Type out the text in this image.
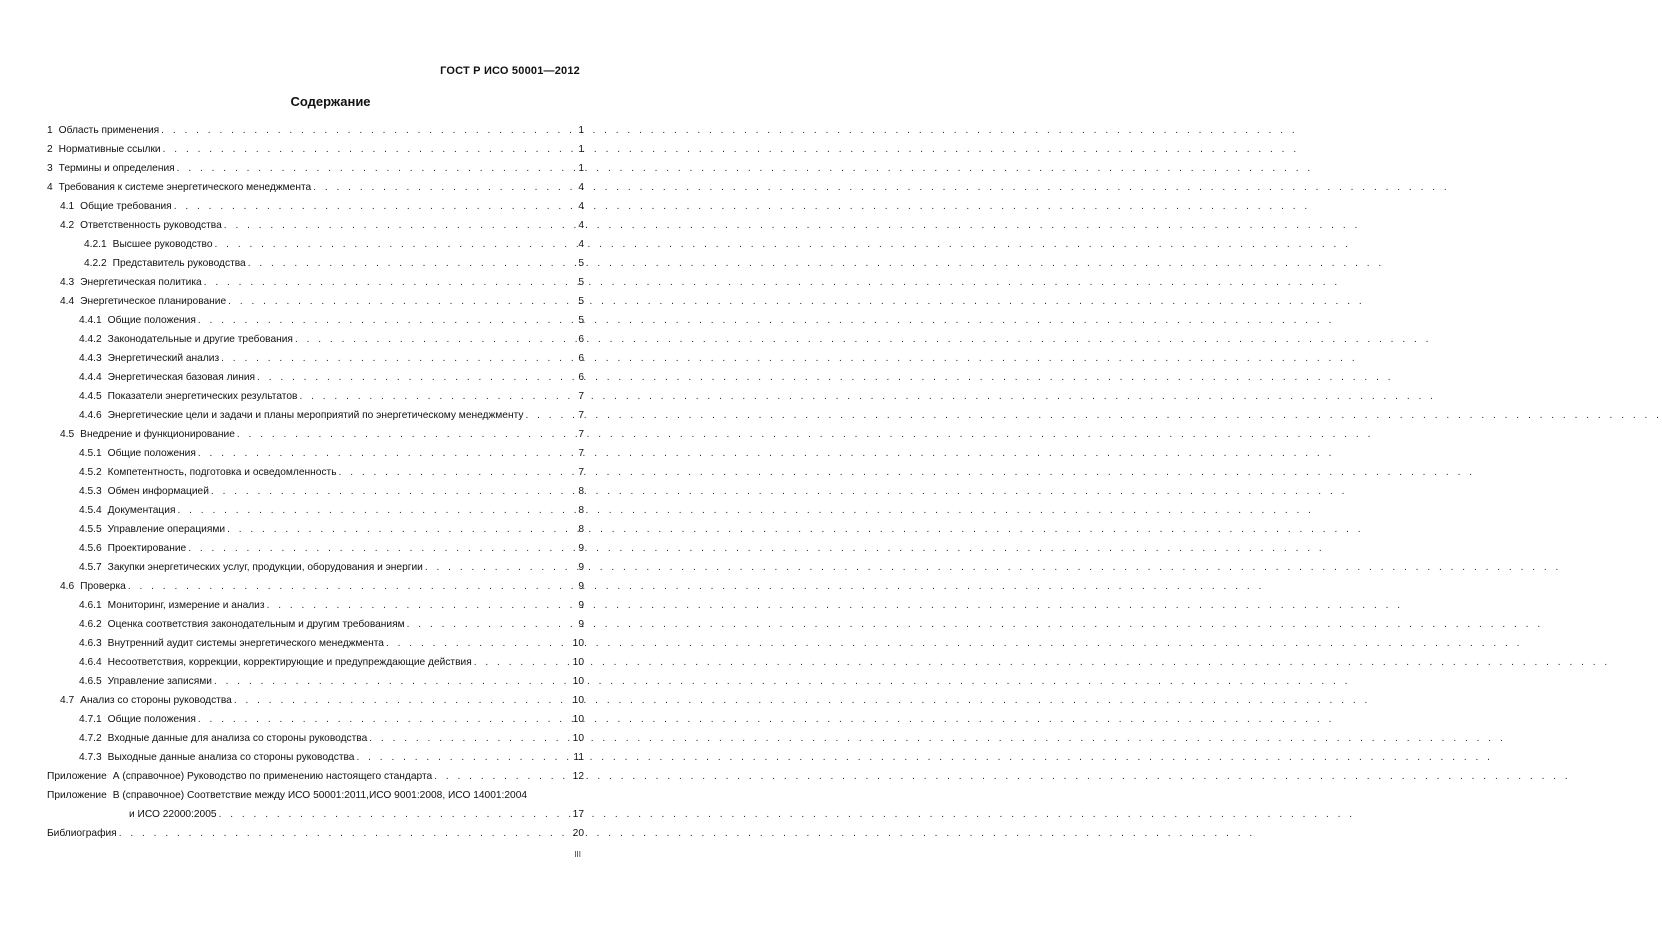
ГОСТ Р ИСО 50001—2012
Содержание
1 Область применения . . .	1
2 Нормативные ссылки . . .	1
3 Термины и определения . . .	1
4 Требования к системе энергетического менеджмента . . .	4
4.1 Общие требования . . .	4
4.2 Ответственность руководства . . .	4
4.2.1 Высшее руководство . . .	4
4.2.2 Представитель руководства . . .	5
4.3 Энергетическая политика . . .	5
4.4 Энергетическое планирование . . .	5
4.4.1 Общие положения . . .	5
4.4.2 Законодательные и другие требования . . .	6
4.4.3 Энергетический анализ . . .	6
4.4.4 Энергетическая базовая линия . . .	6
4.4.5 Показатели энергетических результатов . . .	7
4.4.6 Энергетические цели и задачи и планы мероприятий по энергетическому менеджменту . . .	7
4.5 Внедрение и функционирование . . .	7
4.5.1 Общие положения . . .	7
4.5.2 Компетентность, подготовка и осведомленность . . .	7
4.5.3 Обмен информацией . . .	8
4.5.4 Документация . . .	8
4.5.5 Управление операциями . . .	8
4.5.6 Проектирование . . .	9
4.5.7 Закупки энергетических услуг, продукции, оборудования и энергии . . .	9
4.6 Проверка . . .	9
4.6.1 Мониторинг, измерение и анализ . . .	9
4.6.2 Оценка соответствия законодательным и другим требованиям . . .	9
4.6.3 Внутренний аудит системы энергетического менеджмента . . .	10
4.6.4 Несоответствия, коррекции, корректирующие и предупреждающие действия . . .	10
4.6.5 Управление записями . . .	10
4.7 Анализ со стороны руководства . . .	10
4.7.1 Общие положения . . .	10
4.7.2 Входные данные для анализа со стороны руководства . . .	10
4.7.3 Выходные данные анализа со стороны руководства . . .	11
Приложение А (справочное) Руководство по применению настоящего стандарта . . .	12
Приложение В (справочное) Соответствие между ИСО 50001:2011,ИСО 9001:2008, ИСО 14001:2004
и ИСО 22000:2005 . . .	17
Библиография . . .	20
III
